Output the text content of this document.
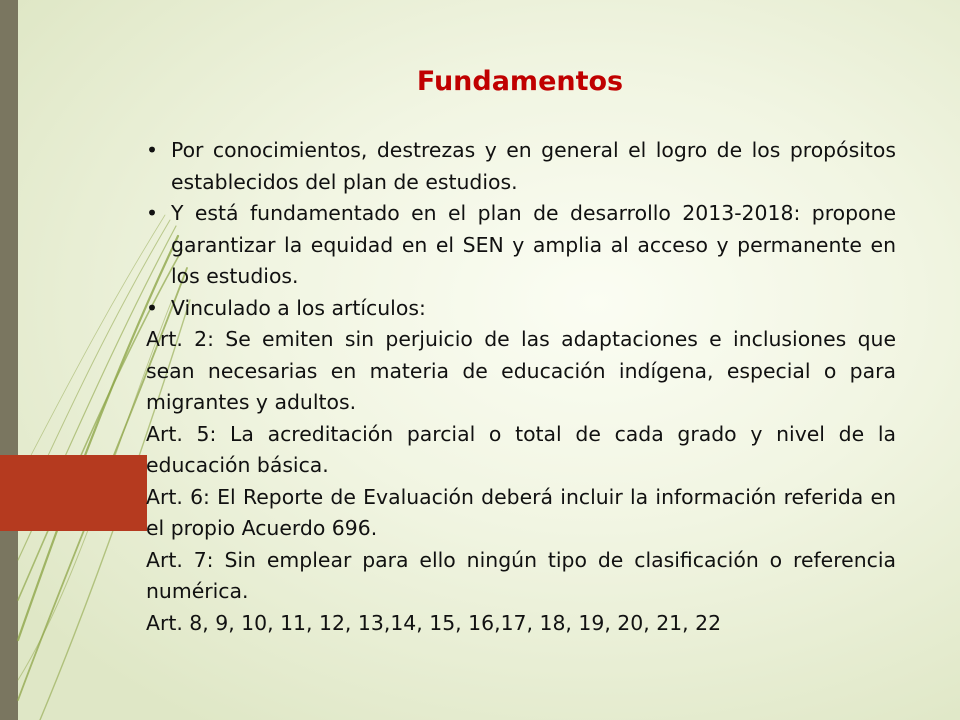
Fundamentos
• Por conocimientos, destrezas y en general el logro de los propósitos establecidos del plan de estudios.
• Y está fundamentado en el plan de desarrollo 2013-2018: propone garantizar la equidad en el SEN y amplia al acceso y permanente en los estudios.
• Vinculado a los artículos:
Art. 2: Se emiten sin perjuicio de las adaptaciones e inclusiones que sean necesarias en materia de educación indígena, especial o para migrantes y adultos.
Art. 5: La acreditación parcial o total de cada grado y nivel de la educación básica.
Art. 6: El Reporte de Evaluación deberá incluir la información referida en el propio Acuerdo 696.
Art. 7: Sin emplear para ello ningún tipo de clasificación o referencia numérica.
Art. 8, 9, 10, 11, 12, 13,14, 15, 16,17, 18, 19, 20, 21, 22
